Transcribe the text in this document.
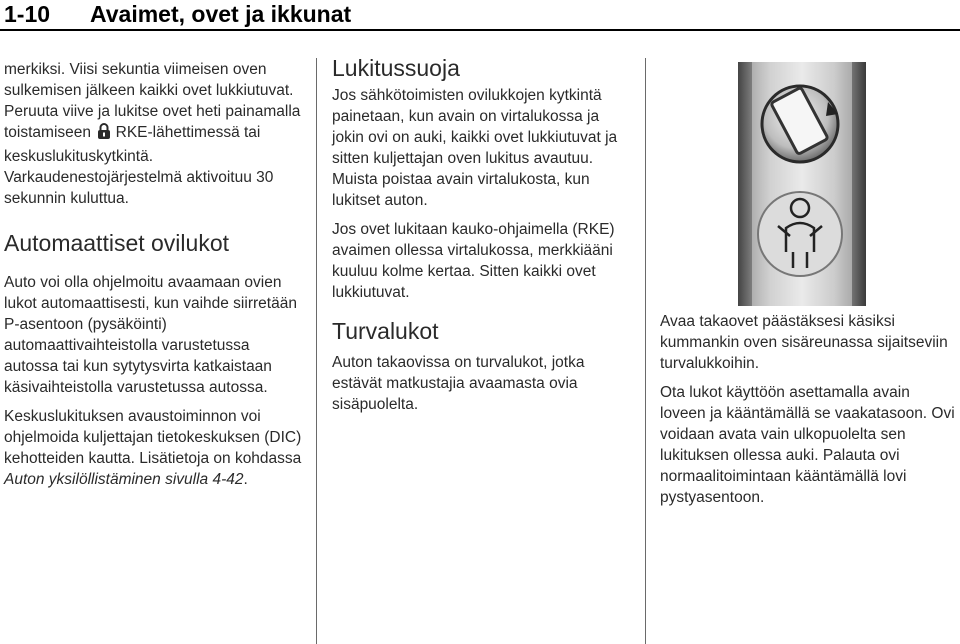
1-10 Avaimet, ovet ja ikkunat

merkiksi. Viisi sekuntia viimeisen oven sulkemisen jälkeen kaikki ovet lukkiutuvat. Peruuta viive ja lukitse ovet heti painamalla toistamiseen RKE-lähettimessä tai keskuslukituskytkintä. Varkaudenestojärjestelmä aktivoituu 30 sekunnin kuluttua.

Automaattiset ovilukot

Auto voi olla ohjelmoitu avaamaan ovien lukot automaattisesti, kun vaihde siirretään P-asentoon (pysäköinti) automaattivaihteistolla varustetussa autossa tai kun sytytysvirta katkaistaan käsivaihteistolla varustetussa autossa.

Keskuslukituksen avaustoiminnon voi ohjelmoida kuljettajan tietokeskuksen (DIC) kehotteiden kautta. Lisätietoja on kohdassa Auton yksilöllistäminen sivulla 4-42.

Lukitussuoja

Jos sähkötoimisten ovilukkojen kytkintä painetaan, kun avain on virtalukossa ja jokin ovi on auki, kaikki ovet lukkiutuvat ja sitten kuljettajan oven lukitus avautuu. Muista poistaa avain virtalukosta, kun lukitset auton.

Jos ovet lukitaan kauko-ohjaimella (RKE) avaimen ollessa virtalukossa, merkkiääni kuuluu kolme kertaa. Sitten kaikki ovet lukkiutuvat.

Turvalukot

Auton takaovissa on turvalukot, jotka estävät matkustajia avaamasta ovia sisäpuolelta.

Avaa takaovet päästäksesi käsiksi kummankin oven sisäreunassa sijaitseviin turvalukkoihin.

Ota lukot käyttöön asettamalla avain loveen ja kääntämällä se vaakatasoon. Ovi voidaan avata vain ulkopuolelta sen lukituksen ollessa auki. Palauta ovi normaalitoimintaan kääntämällä lovi pystyasentoon.
